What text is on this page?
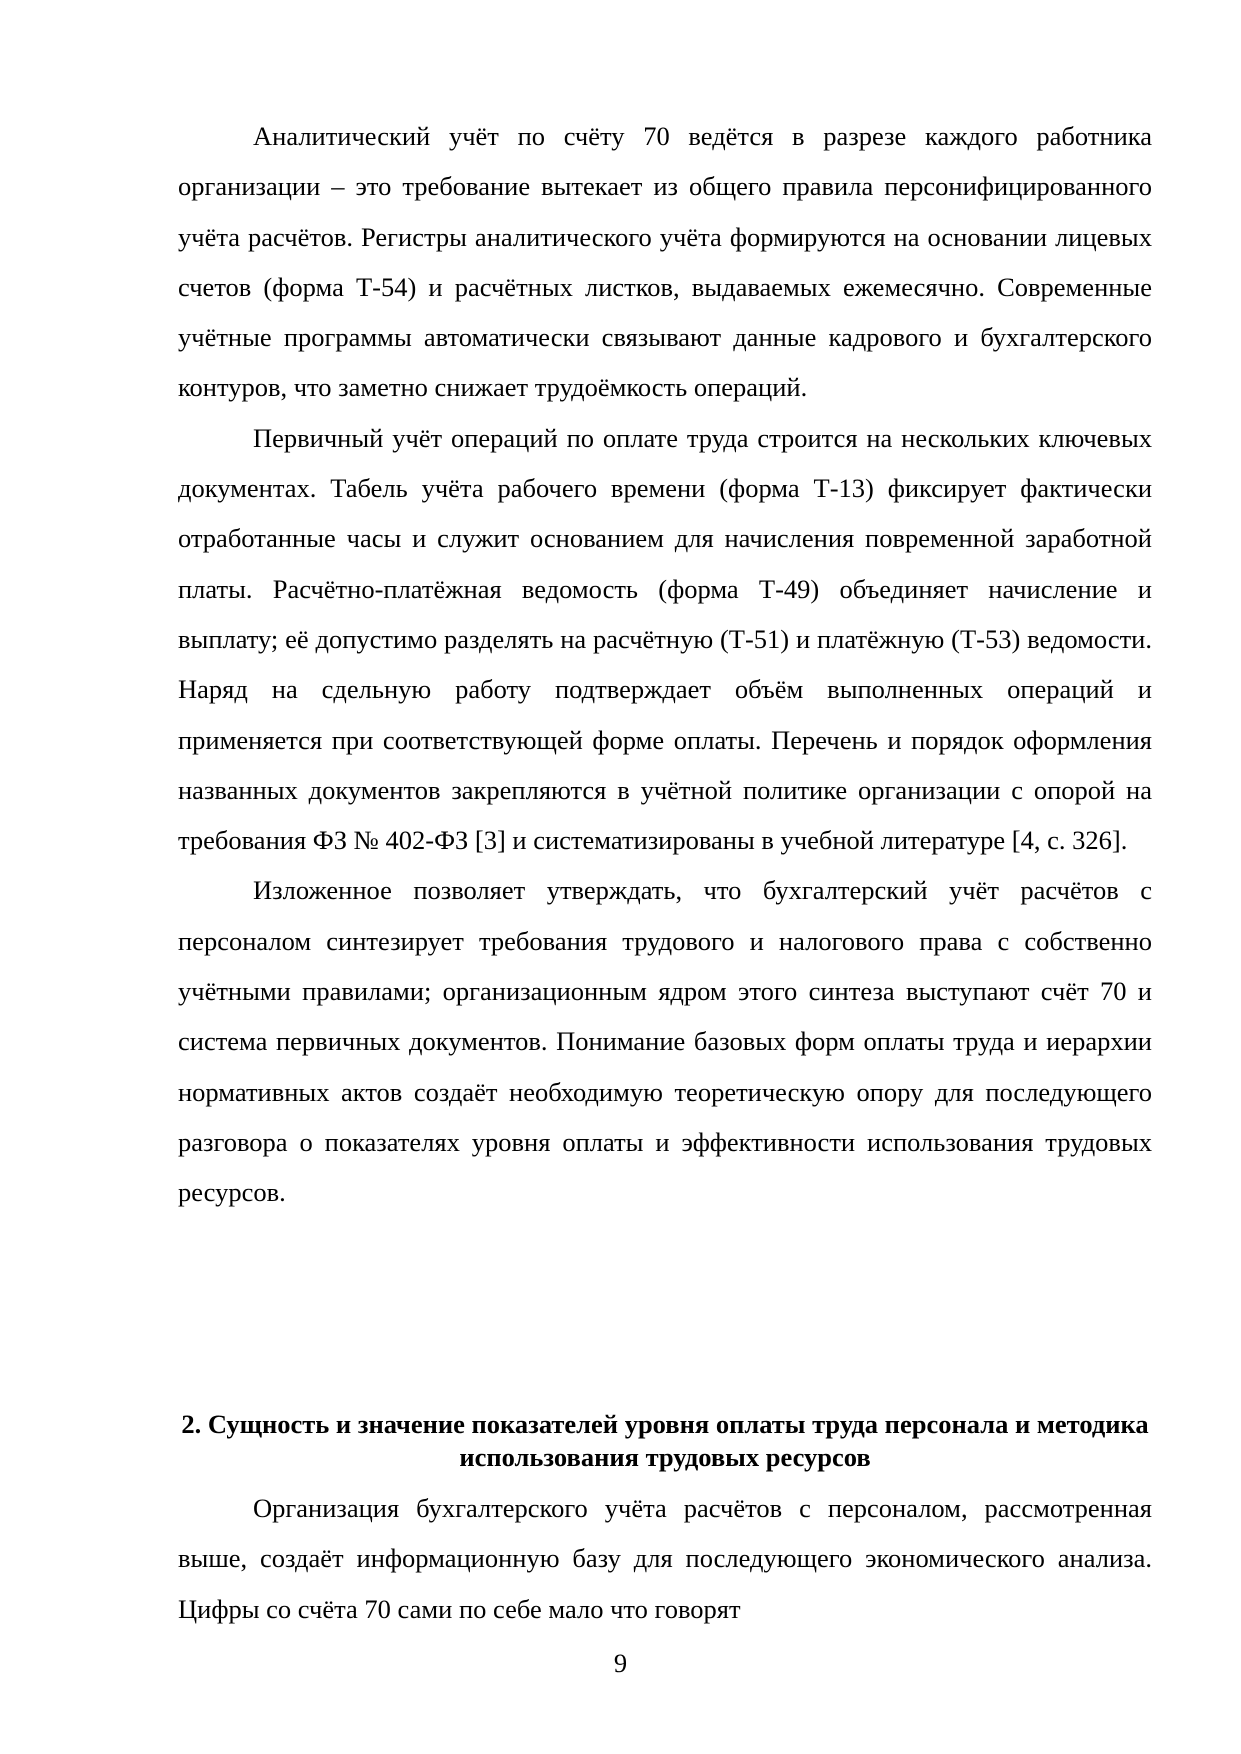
Аналитический учёт по счёту 70 ведётся в разрезе каждого работника организации – это требование вытекает из общего правила персонифицированного учёта расчётов. Регистры аналитического учёта формируются на основании лицевых счетов (форма Т-54) и расчётных листков, выдаваемых ежемесячно. Современные учётные программы автоматически связывают данные кадрового и бухгалтерского контуров, что заметно снижает трудоёмкость операций.

Первичный учёт операций по оплате труда строится на нескольких ключевых документах. Табель учёта рабочего времени (форма Т-13) фиксирует фактически отработанные часы и служит основанием для начисления повременной заработной платы. Расчётно-платёжная ведомость (форма Т-49) объединяет начисление и выплату; её допустимо разделять на расчётную (Т-51) и платёжную (Т-53) ведомости. Наряд на сдельную работу подтверждает объём выполненных операций и применяется при соответствующей форме оплаты. Перечень и порядок оформления названных документов закрепляются в учётной политике организации с опорой на требования ФЗ № 402-ФЗ [3] и систематизированы в учебной литературе [4, с. 326].

Изложенное позволяет утверждать, что бухгалтерский учёт расчётов с персоналом синтезирует требования трудового и налогового права с собственно учётными правилами; организационным ядром этого синтеза выступают счёт 70 и система первичных документов. Понимание базовых форм оплаты труда и иерархии нормативных актов создаёт необходимую теоретическую опору для последующего разговора о показателях уровня оплаты и эффективности использования трудовых ресурсов.

2. Сущность и значение показателей уровня оплаты труда персонала и методика использования трудовых ресурсов

Организация бухгалтерского учёта расчётов с персоналом, рассмотренная выше, создаёт информационную базу для последующего экономического анализа. Цифры со счёта 70 сами по себе мало что говорят

9
